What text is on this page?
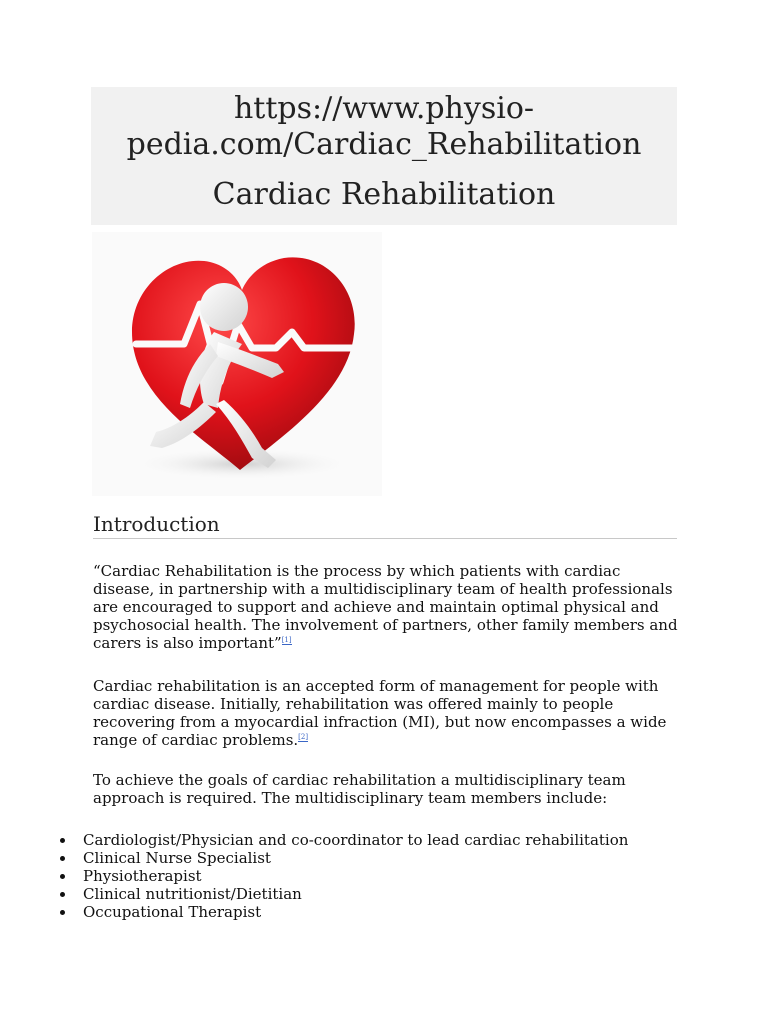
https://www.physio-
pedia.com/Cardiac_Rehabilitation
Cardiac Rehabilitation
Introduction

“Cardiac Rehabilitation is the process by which patients with cardiac disease, in partnership with a multidisciplinary team of health professionals are encouraged to support and achieve and maintain optimal physical and psychosocial health. The involvement of partners, other family members and carers is also important”[1]

Cardiac rehabilitation is an accepted form of management for people with cardiac disease. Initially, rehabilitation was offered mainly to people recovering from a myocardial infraction (MI), but now encompasses a wide range of cardiac problems.[2]

To achieve the goals of cardiac rehabilitation a multidisciplinary team approach is required. The multidisciplinary team members include:

Cardiologist/Physician and co-coordinator to lead cardiac rehabilitation
Clinical Nurse Specialist
Physiotherapist
Clinical nutritionist/Dietitian
Occupational Therapist
